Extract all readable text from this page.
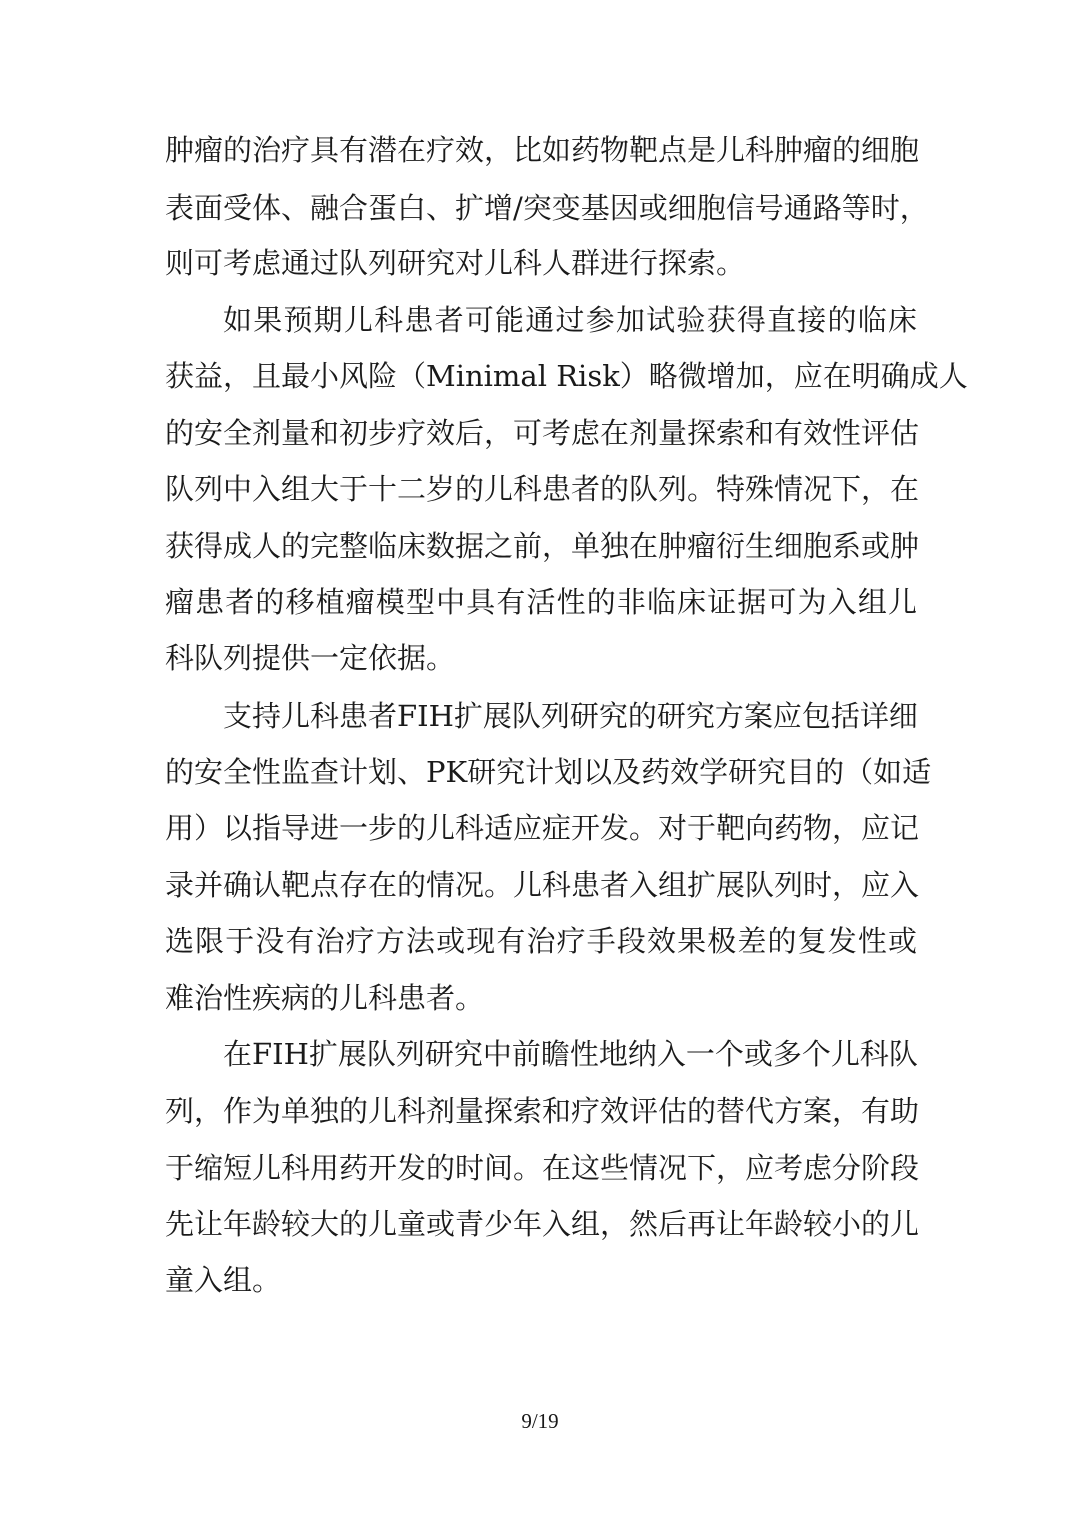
肿瘤的治疗具有潜在疗效，比如药物靶点是儿科肿瘤的细胞
表面受体、融合蛋白、扩增/突变基因或细胞信号通路等时，
则可考虑通过队列研究对儿科人群进行探索。
如果预期儿科患者可能通过参加试验获得直接的临床
获益，且最小风险（Minimal Risk）略微增加，应在明确成人
的安全剂量和初步疗效后，可考虑在剂量探索和有效性评估
队列中入组大于十二岁的儿科患者的队列。特殊情况下，在
获得成人的完整临床数据之前，单独在肿瘤衍生细胞系或肿
瘤患者的移植瘤模型中具有活性的非临床证据可为入组儿
科队列提供一定依据。
支持儿科患者FIH扩展队列研究的研究方案应包括详细
的安全性监查计划、PK研究计划以及药效学研究目的（如适
用）以指导进一步的儿科适应症开发。对于靶向药物，应记
录并确认靶点存在的情况。儿科患者入组扩展队列时，应入
选限于没有治疗方法或现有治疗手段效果极差的复发性或
难治性疾病的儿科患者。
在FIH扩展队列研究中前瞻性地纳入一个或多个儿科队
列，作为单独的儿科剂量探索和疗效评估的替代方案，有助
于缩短儿科用药开发的时间。在这些情况下，应考虑分阶段
先让年龄较大的儿童或青少年入组，然后再让年龄较小的儿
童入组。
9/19
